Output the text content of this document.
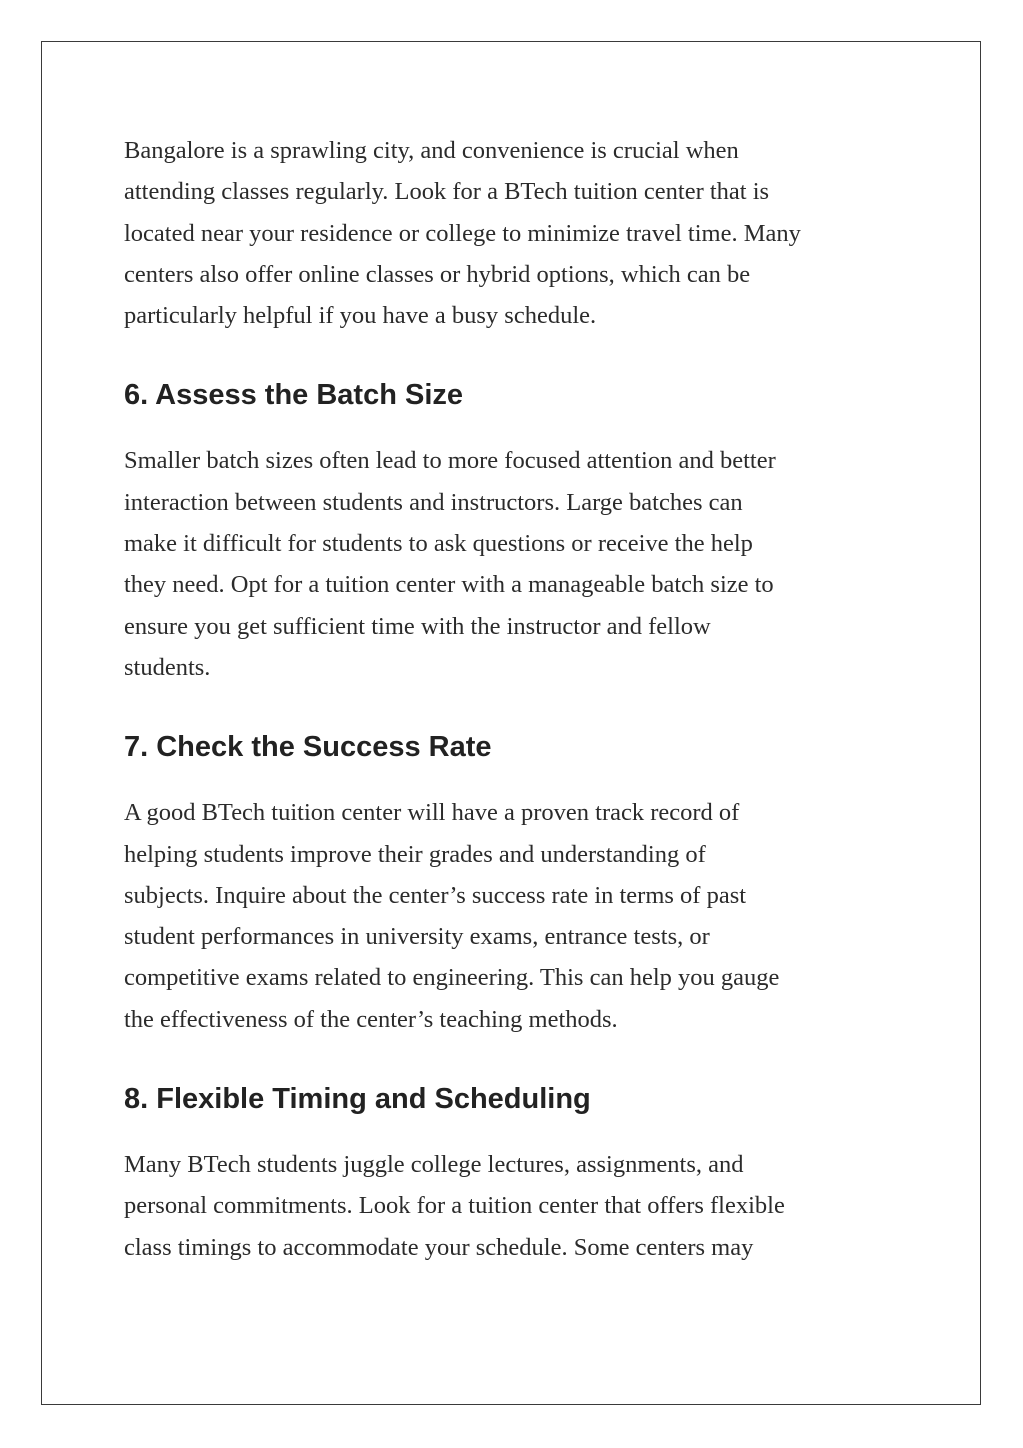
Bangalore is a sprawling city, and convenience is crucial when
attending classes regularly. Look for a BTech tuition center that is
located near your residence or college to minimize travel time. Many
centers also offer online classes or hybrid options, which can be
particularly helpful if you have a busy schedule.
6. Assess the Batch Size
Smaller batch sizes often lead to more focused attention and better
interaction between students and instructors. Large batches can
make it difficult for students to ask questions or receive the help
they need. Opt for a tuition center with a manageable batch size to
ensure you get sufficient time with the instructor and fellow
students.
7. Check the Success Rate
A good BTech tuition center will have a proven track record of
helping students improve their grades and understanding of
subjects. Inquire about the center’s success rate in terms of past
student performances in university exams, entrance tests, or
competitive exams related to engineering. This can help you gauge
the effectiveness of the center’s teaching methods.
8. Flexible Timing and Scheduling
Many BTech students juggle college lectures, assignments, and
personal commitments. Look for a tuition center that offers flexible
class timings to accommodate your schedule. Some centers may
